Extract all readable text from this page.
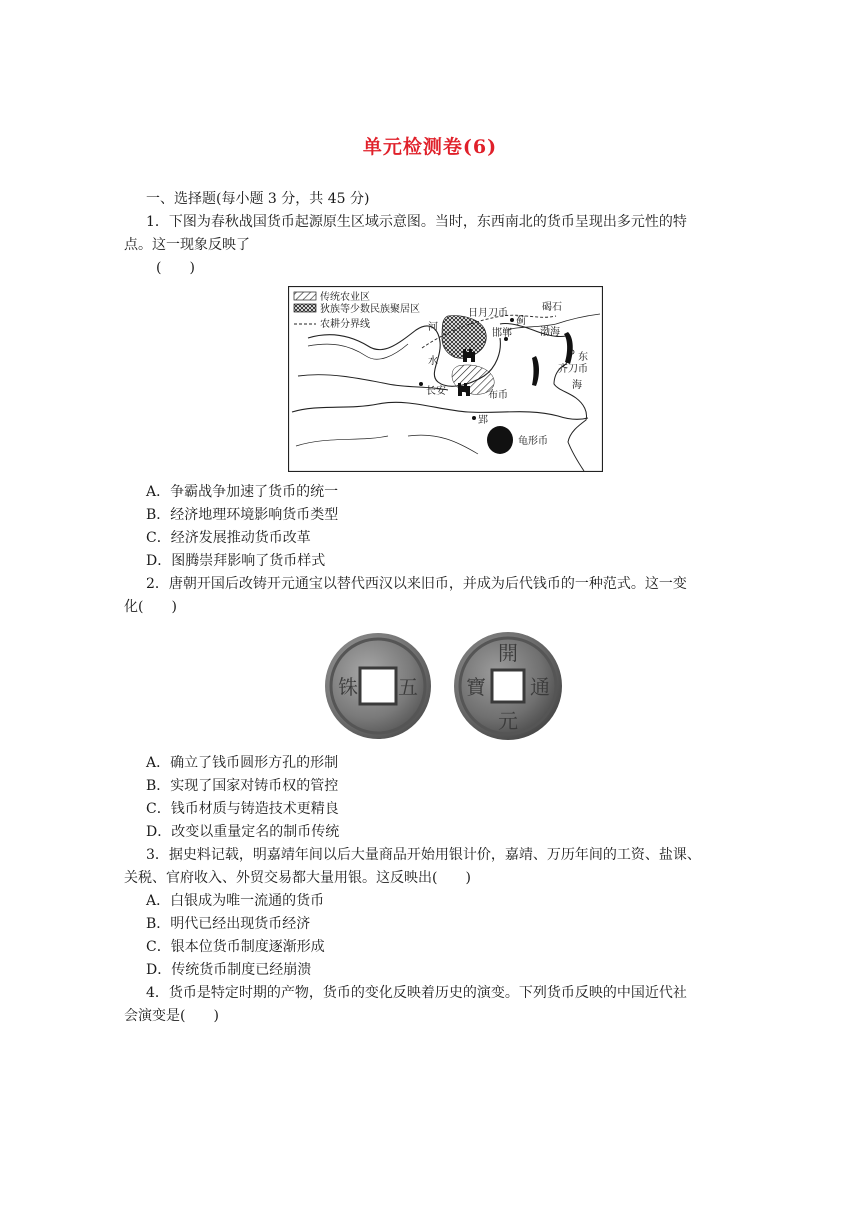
单元检测卷(6)
一、选择题(每小题 3 分，共 45 分)
1．下图为春秋战国货币起源原生区域示意图。当时，东西南北的货币呈现出多元性的特
点。这一现象反映了
(　　)
传统农业区
狄族等少数民族聚居区
农耕分界线
日月刀币
碣石
蓟
河
邯郸	渤海
水	东
齐刀币
海
长安	布币
郢
龟形币
A．争霸战争加速了货币的统一
B．经济地理环境影响货币类型
C．经济发展推动货币改革
D．图腾崇拜影响了货币样式
2．唐朝开国后改铸开元通宝以替代西汉以来旧币，并成为后代钱币的一种范式。这一变
化(　　)
五
铢
開
元
通
寶
A．确立了钱币圆形方孔的形制
B．实现了国家对铸币权的管控
C．钱币材质与铸造技术更精良
D．改变以重量定名的制币传统
3．据史料记载，明嘉靖年间以后大量商品开始用银计价，嘉靖、万历年间的工资、盐课、
关税、官府收入、外贸交易都大量用银。这反映出(　　)
A．白银成为唯一流通的货币
B．明代已经出现货币经济
C．银本位货币制度逐渐形成
D．传统货币制度已经崩溃
4．货币是特定时期的产物，货币的变化反映着历史的演变。下列货币反映的中国近代社
会演变是(　　)
